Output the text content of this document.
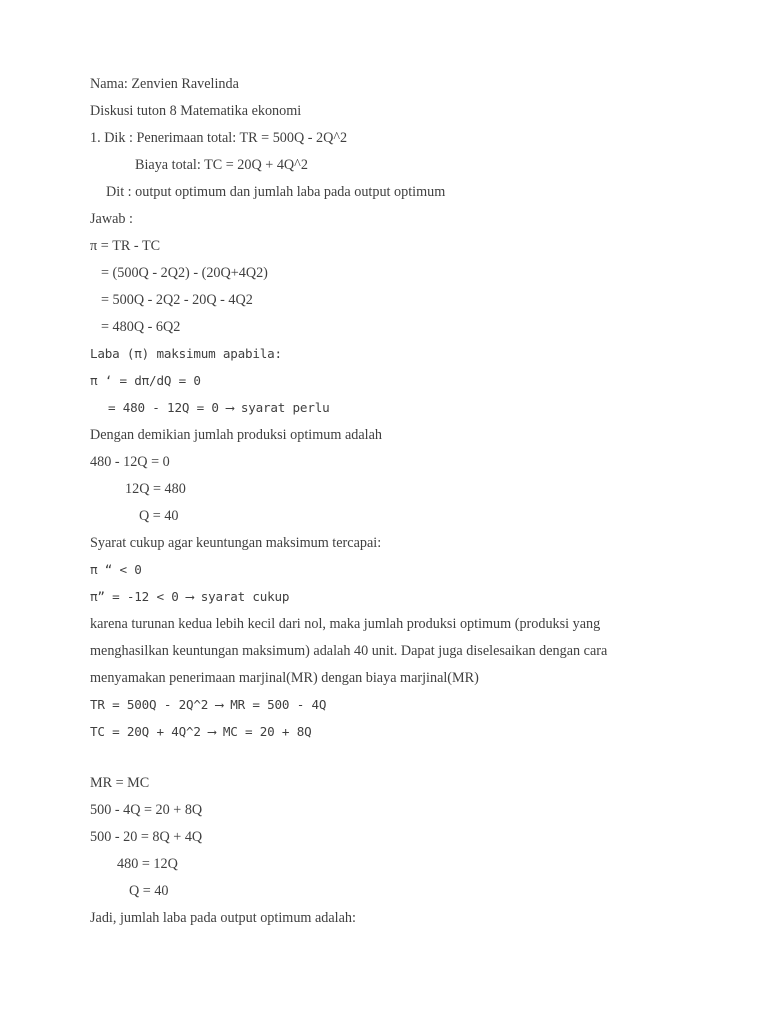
Nama: Zenvien Ravelinda
Diskusi tuton 8 Matematika ekonomi
1. Dik : Penerimaan total: TR = 500Q - 2Q^2
Biaya total: TC = 20Q + 4Q^2
Dit : output optimum dan jumlah laba pada output optimum
Jawab :
π = TR - TC
= (500Q - 2Q2) - (20Q+4Q2)
= 500Q - 2Q2 - 20Q - 4Q2
= 480Q - 6Q2
Laba (π) maksimum apabila:
π ‘ = dπ/dQ = 0
= 480 - 12Q = 0 ⟶ syarat perlu
Dengan demikian jumlah produksi optimum adalah
480 - 12Q = 0
12Q = 480
Q = 40
Syarat cukup agar keuntungan maksimum tercapai:
π “ < 0
π” = -12 < 0 ⟶ syarat cukup
karena turunan kedua lebih kecil dari nol, maka jumlah produksi optimum (produksi yang
menghasilkan keuntungan maksimum) adalah 40 unit. Dapat juga diselesaikan dengan cara
menyamakan penerimaan marjinal(MR) dengan biaya marjinal(MR)
TR = 500Q - 2Q^2 ⟶ MR = 500 - 4Q
TC = 20Q + 4Q^2 ⟶ MC = 20 + 8Q
MR = MC
500 - 4Q = 20 + 8Q
500 - 20 = 8Q + 4Q
480 = 12Q
Q = 40
Jadi, jumlah laba pada output optimum adalah:
